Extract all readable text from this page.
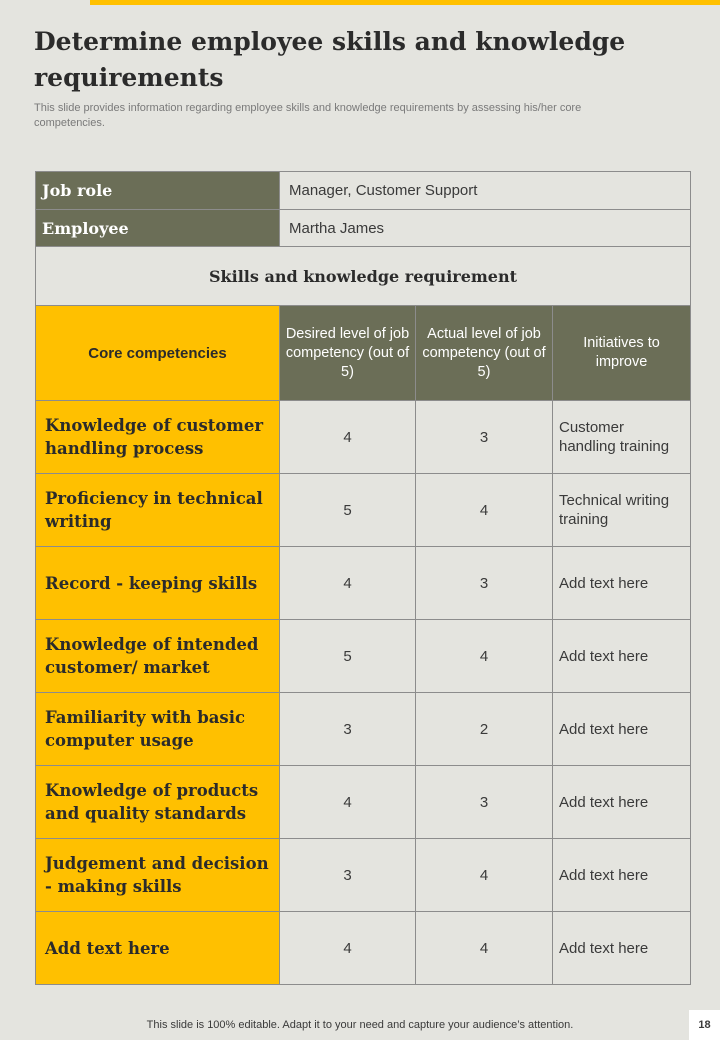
Determine employee skills and knowledge requirements

This slide provides information regarding employee skills and knowledge requirements by assessing his/her core competencies.

Job role	Manager, Customer Support		
Employee	Martha James		
Skills and knowledge requirement			
Core competencies	Desired level of job competency (out of 5)	Actual level of job competency (out of 5)	Initiatives to improve
Knowledge of customer handling process	4	3	Customer handling training
Proficiency in technical writing	5	4	Technical writing training
Record - keeping skills	4	3	Add text here
Knowledge of intended customer/ market	5	4	Add text here
Familiarity with basic computer usage	3	2	Add text here
Knowledge of products and quality standards	4	3	Add text here
Judgement and decision - making skills	3	4	Add text here
Add text here	4	4	Add text here
This slide is 100% editable. Adapt it to your need and capture your audience’s attention.	18
